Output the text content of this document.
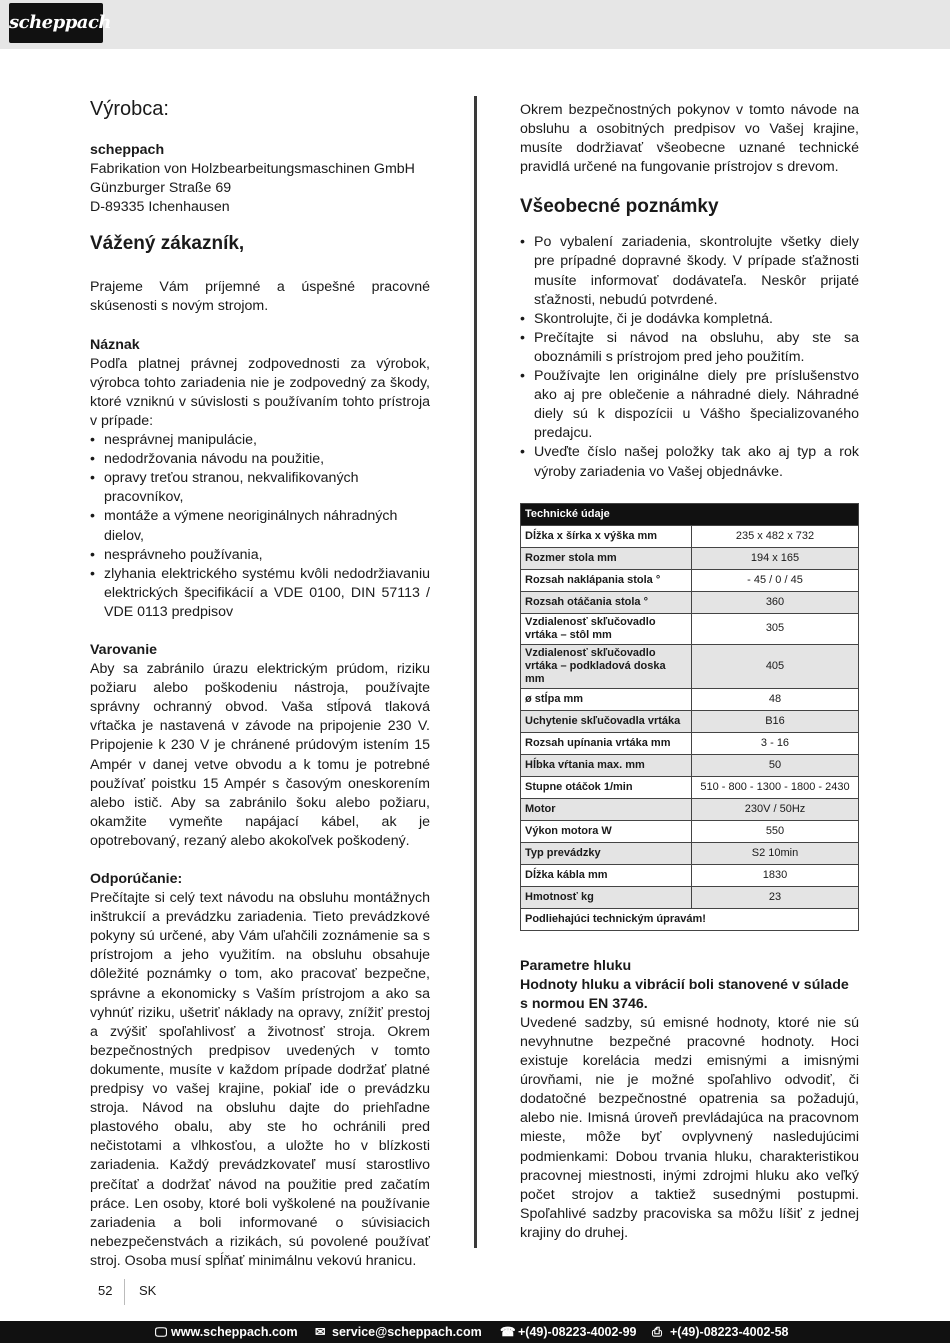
scheppach
Výrobca:

scheppach

Fabrikation von Holzbearbeitungsmaschinen GmbH

Günzburger Straße 69

D-89335 Ichenhausen

Vážený zákazník,

Prajeme Vám príjemné a úspešné pracovné skúsenosti s novým strojom.

Náznak

Podľa platnej právnej zodpovednosti za výrobok, výrobca tohto zariadenia nie je zodpovedný za škody, ktoré vzniknú v súvislosti s používaním tohto prístroja v prípade:

• nesprávnej manipulácie,
• nedodržovania návodu na použitie,
• opravy treťou stranou, nekvalifikovaných pracovníkov,
• montáže a výmene neoriginálnych náhradných dielov,
• nesprávneho používania,
• zlyhania elektrického systému kvôli nedodržiavaniu elektrických špecifikácií a VDE 0100, DIN 57113 / VDE 0113 predpisov

Varovanie

Aby sa zabránilo úrazu elektrickým prúdom, riziku požiaru alebo poškodeniu nástroja, používajte správny ochranný obvod. Vaša stĺpová tlaková vŕtačka je nastavená v závode na pripojenie 230 V. Pripojenie k 230 V je chránené prúdovým istením 15 Ampér v danej vetve obvodu a k tomu je potrebné používať poistku 15 Ampér s časovým oneskorením alebo istič. Aby sa zabránilo šoku alebo požiaru, okamžite vymeňte napájací kábel, ak je opotrebovaný, rezaný alebo akokoľvek poškodený.

Odporúčanie:

Prečítajte si celý text návodu na obsluhu montážnych inštrukcií a prevádzku zariadenia. Tieto prevádzkové pokyny sú určené, aby Vám uľahčili zoznámenie sa s prístrojom a jeho využitím. na obsluhu obsahuje dôležité poznámky o tom, ako pracovať bezpečne, správne a ekonomicky s Vaším prístrojom a ako sa vyhnúť riziku, ušetriť náklady na opravy, znížiť prestoj a zvýšiť spoľahlivosť a životnosť stroja. Okrem bezpečnostných predpisov uvedených v tomto dokumente, musíte v každom prípade dodržať platné predpisy vo vašej krajine, pokiaľ ide o prevádzku stroja. Návod na obsluhu dajte do priehľadne plastového obalu, aby ste ho ochránili pred nečistotami a vlhkosťou, a uložte ho v blízkosti zariadenia. Každý prevádzkovateľ musí starostlivo prečítať a dodržať návod na použitie pred začatím práce. Len osoby, ktoré boli vyškolené na používanie zariadenia a boli informované o súvisiacich nebezpečenstvách a rizikách, sú povolené používať stroj. Osoba musí spĺňať minimálnu vekovú hranicu.

Okrem bezpečnostných pokynov v tomto návode na obsluhu a osobitných predpisov vo Vašej krajine, musíte dodržiavať všeobecne uznané technické pravidlá určené na fungovanie prístrojov s drevom.

Všeobecné poznámky
• Po vybalení zariadenia, skontrolujte všetky diely pre prípadné dopravné škody. V prípade sťažnosti musíte informovať dodávateľa. Neskôr prijaté sťažnosti, nebudú potvrdené.
• Skontrolujte, či je dodávka kompletná.
• Prečítajte si návod na obsluhu, aby ste sa oboznámili s prístrojom pred jeho použitím.
• Používajte len originálne diely pre príslušenstvo ako aj pre oblečenie a náhradné diely. Náhradné diely sú k dispozícii u Vášho špecializovaného predajcu.
• Uveďte číslo našej položky tak ako aj typ a rok výroby zariadenia vo Vašej objednávke.
Technické údaje	
Dĺžka x šírka x výška mm	235 x 482 x 732
Rozmer stola mm	194 x 165
Rozsah naklápania stola °	- 45 / 0 / 45
Rozsah otáčania stola °	360
Vzdialenosť skľučovadlo vrtáka – stôl mm	305
Vzdialenosť skľučovadlo vrtáka – podkladová doska mm	405
ø stĺpa mm	48
Uchytenie skľučovadla vrtáka	B16
Rozsah upínania vrtáka mm	3 - 16
Hĺbka vŕtania max. mm	50
Stupne otáčok 1/min	510 - 800 - 1300 - 1800 - 2430
Motor	230V / 50Hz
Výkon motora W	550
Typ prevádzky	S2 10min
Dĺžka kábla mm	1830
Hmotnosť kg	23
Podliehajúci technickým úpravám!	

Parametre hluku

Hodnoty hluku a vibrácií boli stanovené v súlade s normou EN 3746.

Uvedené sadzby, sú emisné hodnoty, ktoré nie sú nevyhnutne bezpečné pracovné hodnoty. Hoci existuje korelácia medzi emisnými a imisnými úrovňami, nie je možné spoľahlivo odvodiť, či dodatočné bezpečnostné opatrenia sa požadujú, alebo nie. Imisná úroveň prevládajúca na pracovnom mieste, môže byť ovplyvnený nasledujúcimi podmienkami: Dobou trvania hluku, charakteristikou pracovnej miestnosti, inými zdrojmi hluku ako veľký počet strojov a taktiež susednými postupmi. Spoľahlivé sadzby pracoviska sa môžu líšiť z jednej krajiny do druhej.

52 SK
🖵 www.scheppach.com ✉ service@scheppach.com ☎ +(49)-08223-4002-99 ⎙ +(49)-08223-4002-58
